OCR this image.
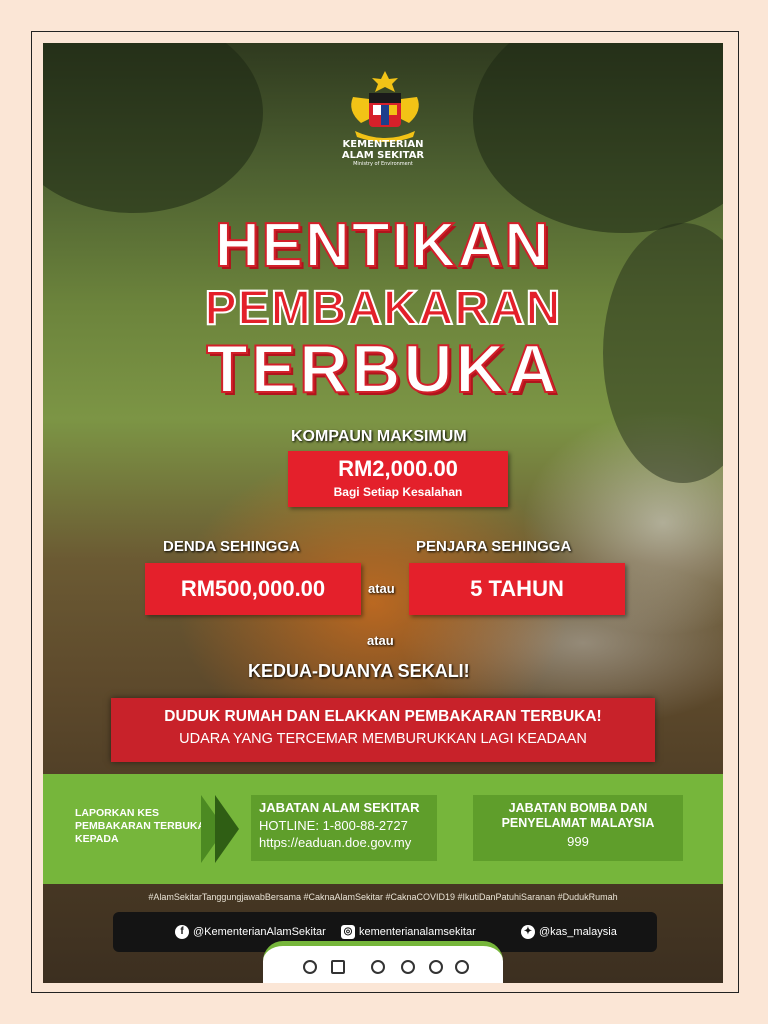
KEMENTERIAN
ALAM SEKITAR
Ministry of Environment
HENTIKAN
PEMBAKARAN
TERBUKA
KOMPAUN MAKSIMUM
RM2,000.00
Bagi Setiap Kesalahan
DENDA SEHINGGA	PENJARA SEHINGGA
RM500,000.00	atau	5 TAHUN
atau
KEDUA-DUANYA SEKALI!
DUDUK RUMAH DAN ELAKKAN PEMBAKARAN TERBUKA!
UDARA YANG TERCEMAR MEMBURUKKAN LAGI KEADAAN
LAPORKAN KES
PEMBAKARAN TERBUKA
KEPADA
JABATAN ALAM SEKITAR
HOTLINE: 1-800-88-2727
https://eaduan.doe.gov.my
JABATAN BOMBA DAN
PENYELAMAT MALAYSIA
999
#AlamSekitarTanggungjawabBersama #CaknaAlamSekitar #CaknaCOVID19 #IkutiDanPatuhiSaranan #DudukRumah
f @KementerianAlamSekitar ◎ kementerianalamsekitar	✦ @kas_malaysia
